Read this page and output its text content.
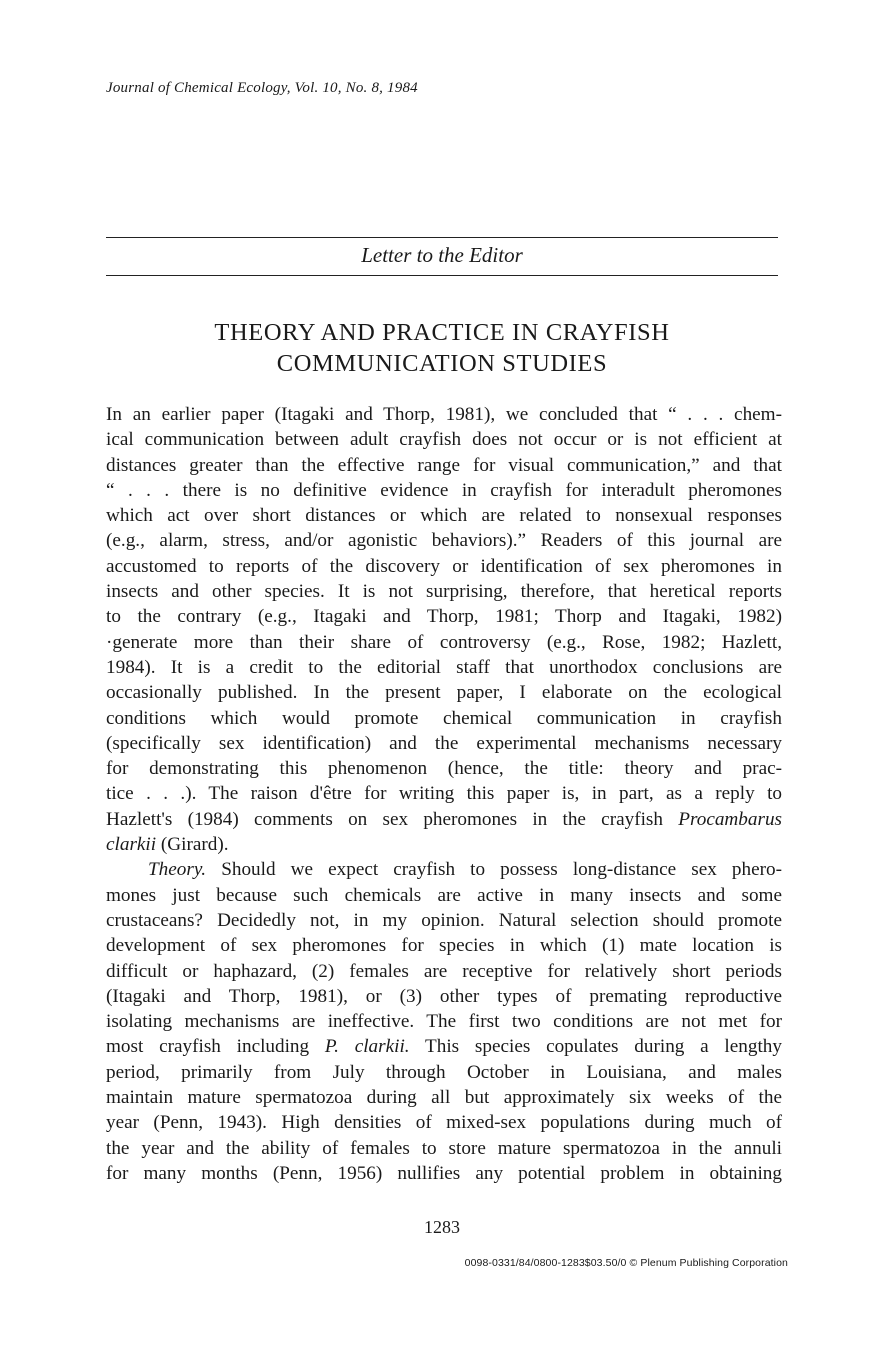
Journal of Chemical Ecology, Vol. 10, No. 8, 1984
Letter to the Editor
THEORY AND PRACTICE IN CRAYFISH
COMMUNICATION STUDIES
In an earlier paper (Itagaki and Thorp, 1981), we concluded that “ . . . chem-
ical communication between adult crayfish does not occur or is not efficient at
distances greater than the effective range for visual communication,” and that
“ . . . there is no definitive evidence in crayfish for interadult pheromones
which act over short distances or which are related to nonsexual responses
(e.g., alarm, stress, and/or agonistic behaviors).” Readers of this journal are
accustomed to reports of the discovery or identification of sex pheromones in
insects and other species. It is not surprising, therefore, that heretical reports
to the contrary (e.g., Itagaki and Thorp, 1981; Thorp and Itagaki, 1982)
·generate more than their share of controversy (e.g., Rose, 1982; Hazlett,
1984). It is a credit to the editorial staff that unorthodox conclusions are
occasionally published. In the present paper, I elaborate on the ecological
conditions which would promote chemical communication in crayfish
(specifically sex identification) and the experimental mechanisms necessary
for demonstrating this phenomenon (hence, the title: theory and prac-
tice . . .). The raison d'être for writing this paper is, in part, as a reply to
Hazlett's (1984) comments on sex pheromones in the crayfish Procambarus
clarkii (Girard).
Theory. Should we expect crayfish to possess long-distance sex phero-
mones just because such chemicals are active in many insects and some
crustaceans? Decidedly not, in my opinion. Natural selection should promote
development of sex pheromones for species in which (1) mate location is
difficult or haphazard, (2) females are receptive for relatively short periods
(Itagaki and Thorp, 1981), or (3) other types of premating reproductive
isolating mechanisms are ineffective. The first two conditions are not met for
most crayfish including P. clarkii. This species copulates during a lengthy
period, primarily from July through October in Louisiana, and males
maintain mature spermatozoa during all but approximately six weeks of the
year (Penn, 1943). High densities of mixed-sex populations during much of
the year and the ability of females to store mature spermatozoa in the annuli
for many months (Penn, 1956) nullifies any potential problem in obtaining
1283
0098-0331/84/0800-1283$03.50/0 © Plenum Publishing Corporation
